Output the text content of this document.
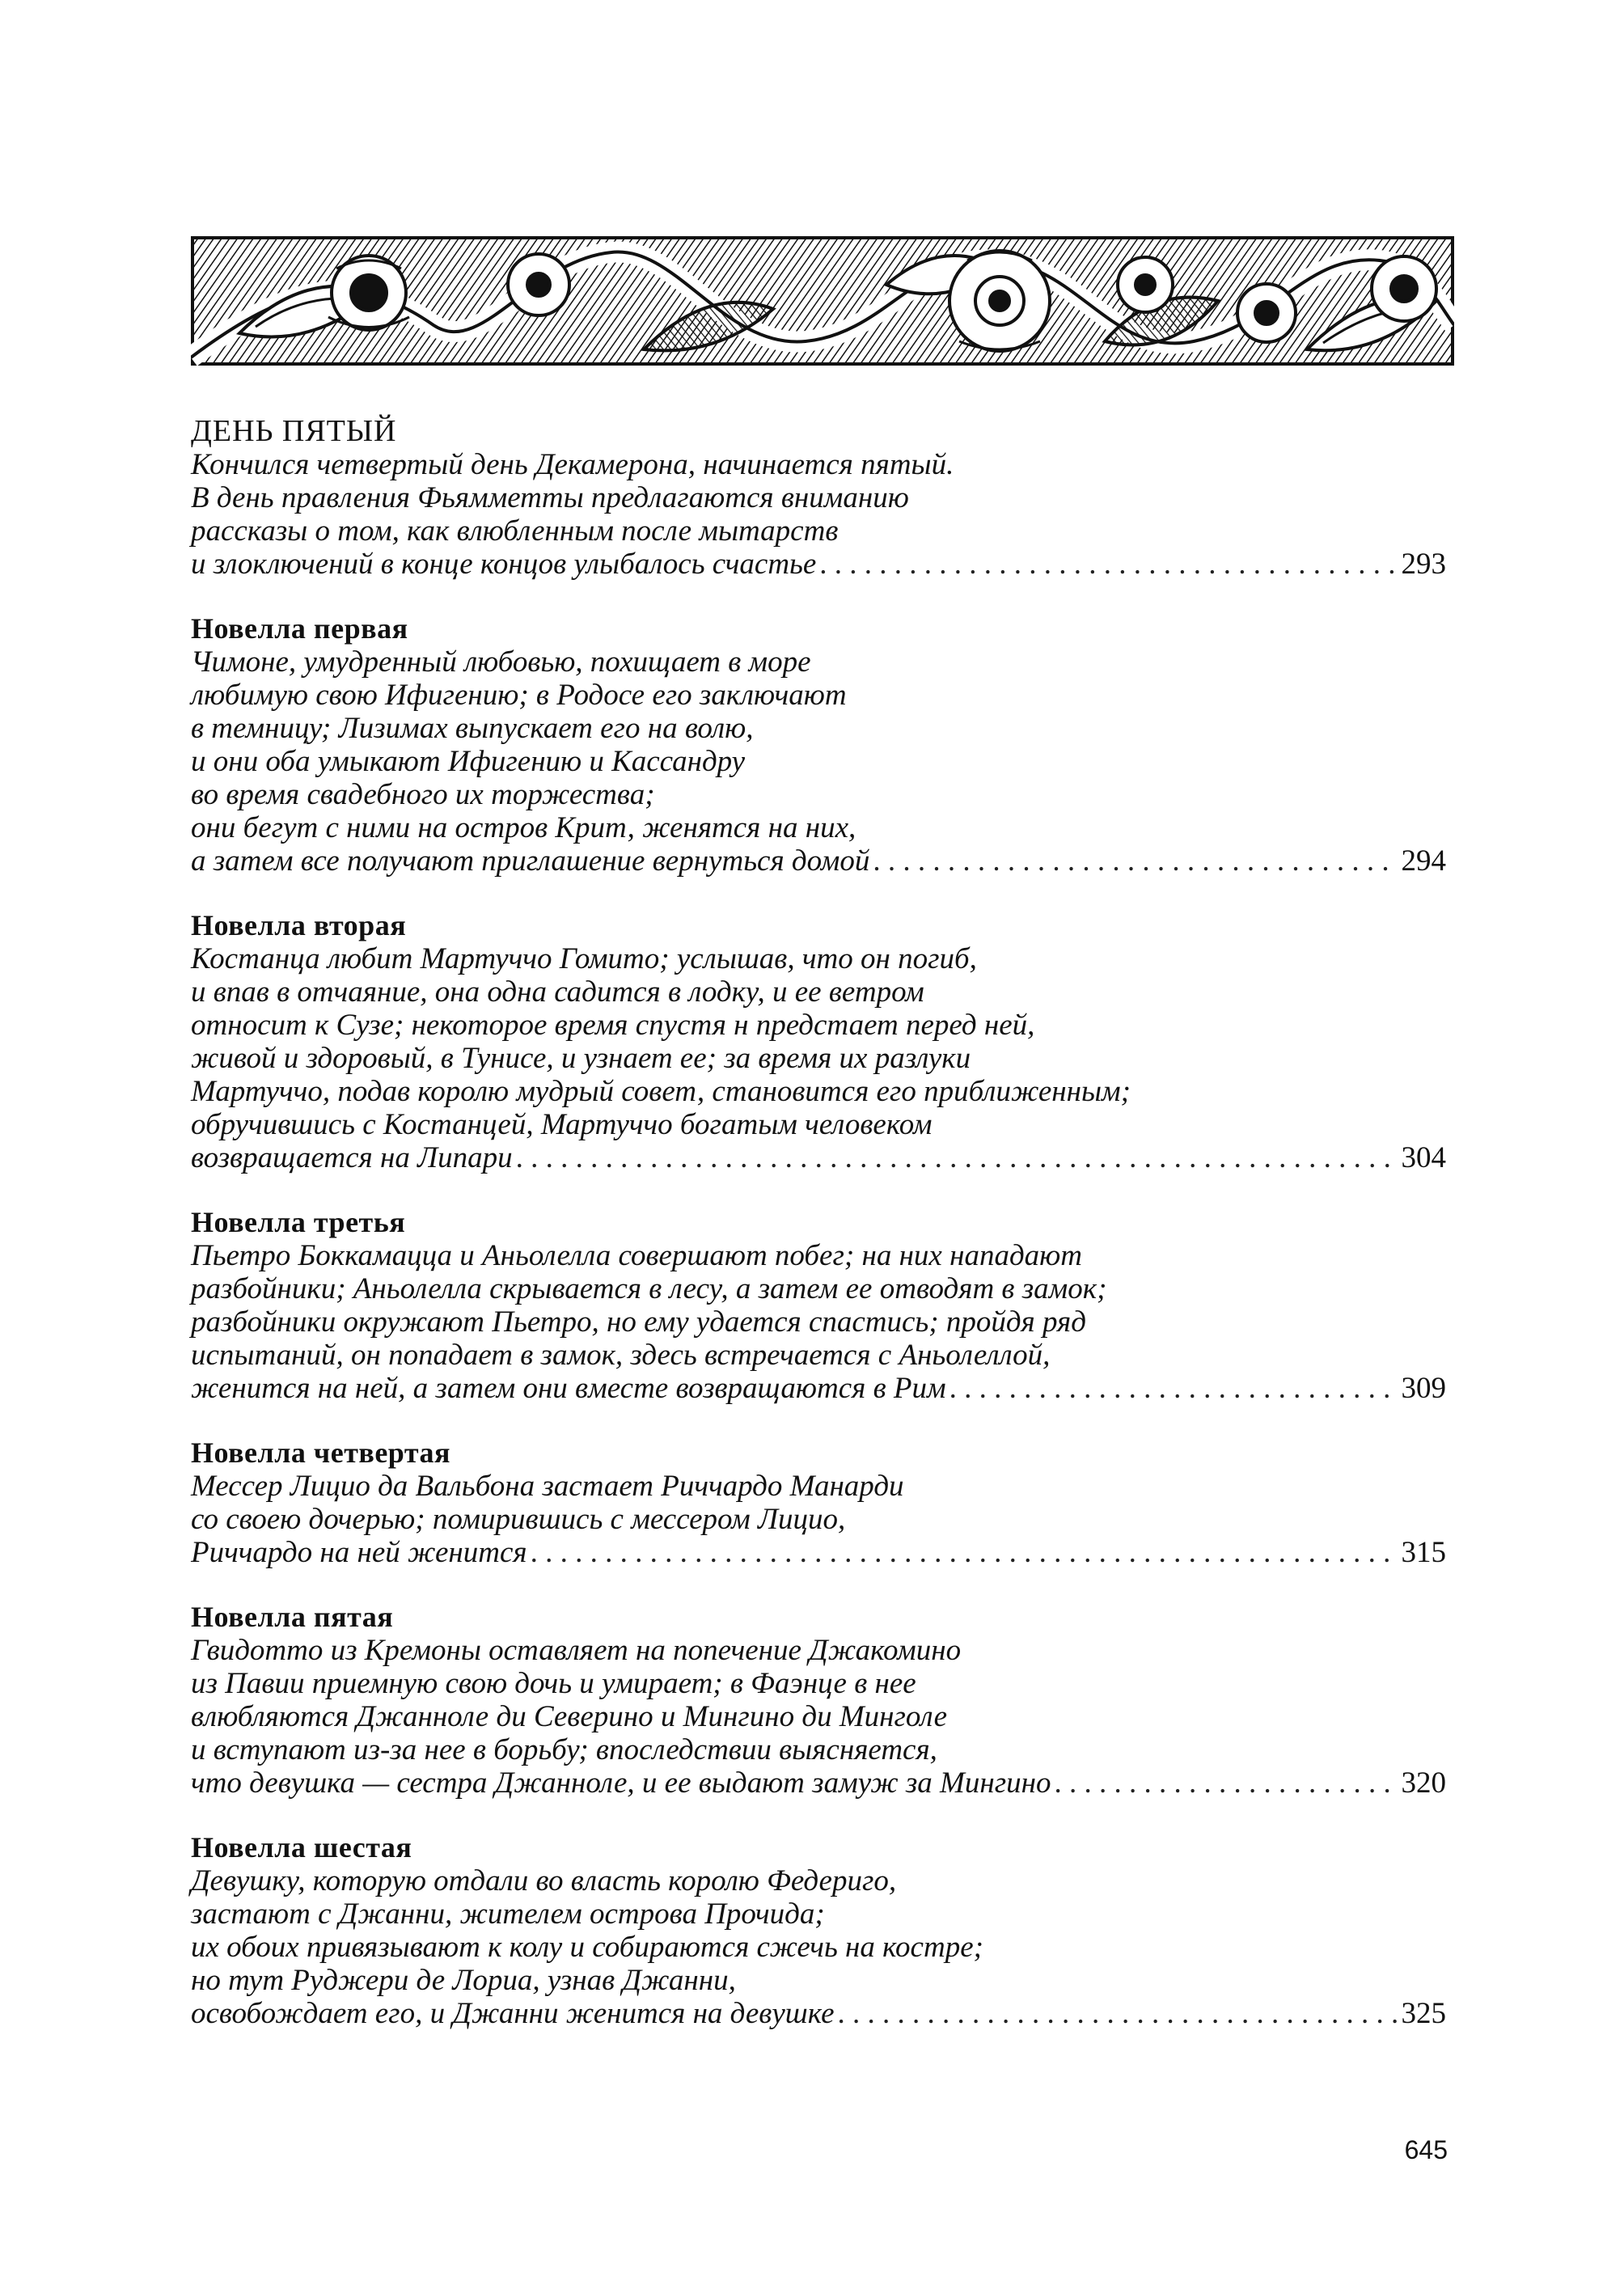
ДЕНЬ ПЯТЫЙ

Кончился четвертый день Декамерона, начинается пятый.

В день правления Фьямметты предлагаются вниманию

рассказы о том, как влюбленным после мытарств

и злоключений в конце концов улыбалось счастье . . .	293

Новелла первая

Чимоне, умудренный любовью, похищает в море

любимую свою Ифигению; в Родосе его заключают

в темницу; Лизимах выпускает его на волю,

и они оба умыкают Ифигению и Кассандру

во время свадебного их торжества;

они бегут с ними на остров Крит, женятся на них,

а затем все получают приглашение вернуться домой . . .	294

Новелла вторая

Костанца любит Мартуччо Гомито; услышав, что он погиб,

и впав в отчаяние, она одна садится в лодку, и ее ветром

относит к Сузе; некоторое время спустя н предстает перед ней,

живой и здоровый, в Тунисе, и узнает ее; за время их разлуки

Мартуччо, подав королю мудрый совет, становится его приближенным;

обручившись с Костанцей, Мартуччо богатым человеком

возвращается на Липари . . .	304

Новелла третья

Пьетро Боккамацца и Аньолелла совершают побег; на них нападают

разбойники; Аньолелла скрывается в лесу, а затем ее отводят в замок;

разбойники окружают Пьетро, но ему удается спастись; пройдя ряд

испытаний, он попадает в замок, здесь встречается с Аньолеллой,

женится на ней, а затем они вместе возвращаются в Рим . . .	309

Новелла четвертая

Мессер Лицио да Вальбона застает Риччардо Манарди

со своею дочерью; помирившись с мессером Лицио,

Риччардо на ней женится . . .	315

Новелла пятая

Гвидотто из Кремоны оставляет на попечение Джакомино

из Павии приемную свою дочь и умирает; в Фаэнце в нее

влюбляются Джанноле ди Северино и Мингино ди Минголе

и вступают из-за нее в борьбу; впоследствии выясняется,

что девушка — сестра Джанноле, и ее выдают замуж за Мингино . . .	320

Новелла шестая

Девушку, которую отдали во власть королю Федериго,

застают с Джанни, жителем острова Прочида;

их обоих привязывают к колу и собираются сжечь на костре;

но тут Руджери де Лориа, узнав Джанни,

освобождает его, и Джанни женится на девушке . . .	325
645
